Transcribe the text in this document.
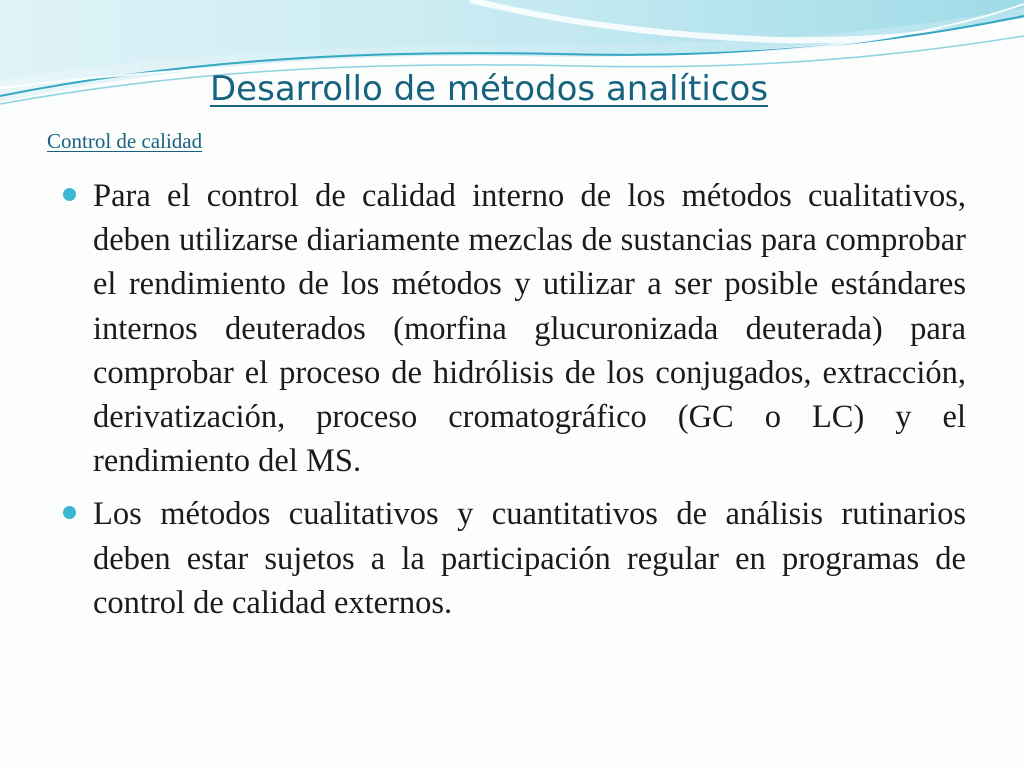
Desarrollo de métodos analíticos
Control de calidad
Para el control de calidad interno de los métodos cualitativos, deben utilizarse diariamente mezclas de sustancias para comprobar el rendimiento de los métodos y utilizar a ser posible estándares internos deuterados (morfina glucuronizada deuterada) para comprobar el proceso de hidrólisis de los conjugados, extracción, derivatización, proceso cromatográfico (GC o LC) y el rendimiento del MS.
Los métodos cualitativos y cuantitativos de análisis rutinarios deben estar sujetos a la participación regular en programas de control de calidad externos.
